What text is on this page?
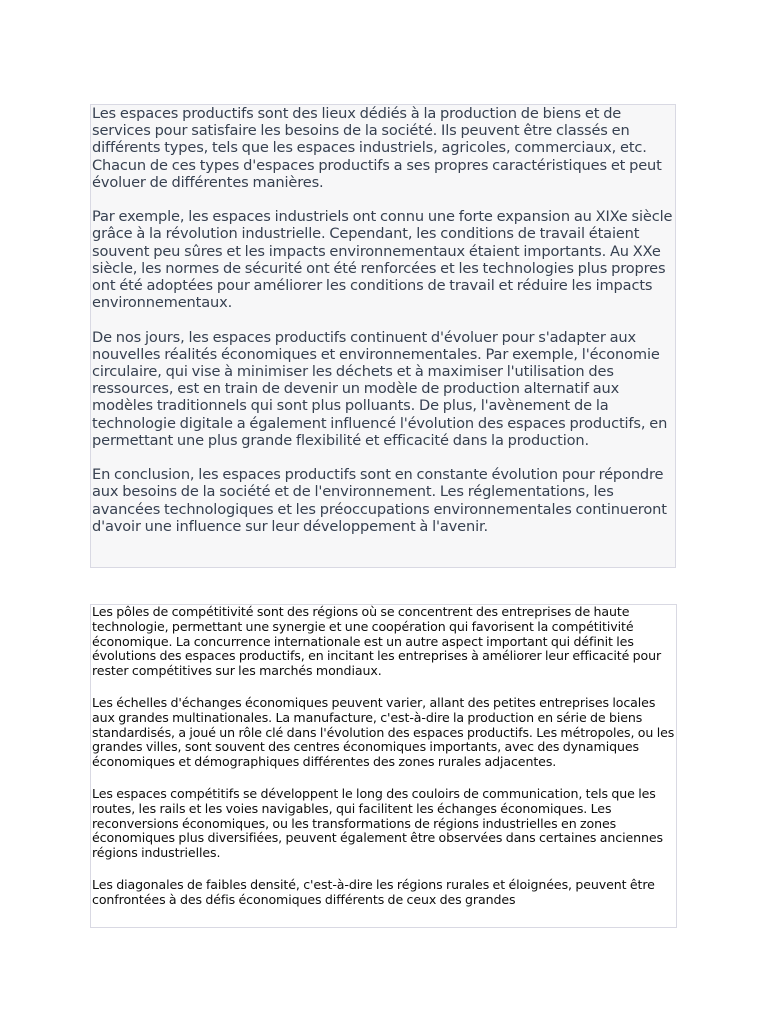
Les espaces productifs sont des lieux dédiés à la production de biens et de services pour satisfaire les besoins de la société. Ils peuvent être classés en différents types, tels que les espaces industriels, agricoles, commerciaux, etc. Chacun de ces types d'espaces productifs a ses propres caractéristiques et peut évoluer de différentes manières.

Par exemple, les espaces industriels ont connu une forte expansion au XIXe siècle grâce à la révolution industrielle. Cependant, les conditions de travail étaient souvent peu sûres et les impacts environnementaux étaient importants. Au XXe siècle, les normes de sécurité ont été renforcées et les technologies plus propres ont été adoptées pour améliorer les conditions de travail et réduire les impacts environnementaux.

De nos jours, les espaces productifs continuent d'évoluer pour s'adapter aux nouvelles réalités économiques et environnementales. Par exemple, l'économie circulaire, qui vise à minimiser les déchets et à maximiser l'utilisation des ressources, est en train de devenir un modèle de production alternatif aux modèles traditionnels qui sont plus polluants. De plus, l'avènement de la technologie digitale a également influencé l'évolution des espaces productifs, en permettant une plus grande flexibilité et efficacité dans la production.

En conclusion, les espaces productifs sont en constante évolution pour répondre aux besoins de la société et de l'environnement. Les réglementations, les avancées technologiques et les préoccupations environnementales continueront d'avoir une influence sur leur développement à l'avenir.

Les pôles de compétitivité sont des régions où se concentrent des entreprises de haute technologie, permettant une synergie et une coopération qui favorisent la compétitivité économique. La concurrence internationale est un autre aspect important qui définit les évolutions des espaces productifs, en incitant les entreprises à améliorer leur efficacité pour rester compétitives sur les marchés mondiaux.

Les échelles d'échanges économiques peuvent varier, allant des petites entreprises locales aux grandes multinationales. La manufacture, c'est-à-dire la production en série de biens standardisés, a joué un rôle clé dans l'évolution des espaces productifs. Les métropoles, ou les grandes villes, sont souvent des centres économiques importants, avec des dynamiques économiques et démographiques différentes des zones rurales adjacentes.

Les espaces compétitifs se développent le long des couloirs de communication, tels que les routes, les rails et les voies navigables, qui facilitent les échanges économiques. Les reconversions économiques, ou les transformations de régions industrielles en zones économiques plus diversifiées, peuvent également être observées dans certaines anciennes régions industrielles.

Les diagonales de faibles densité, c'est-à-dire les régions rurales et éloignées, peuvent être confrontées à des défis économiques différents de ceux des grandes
